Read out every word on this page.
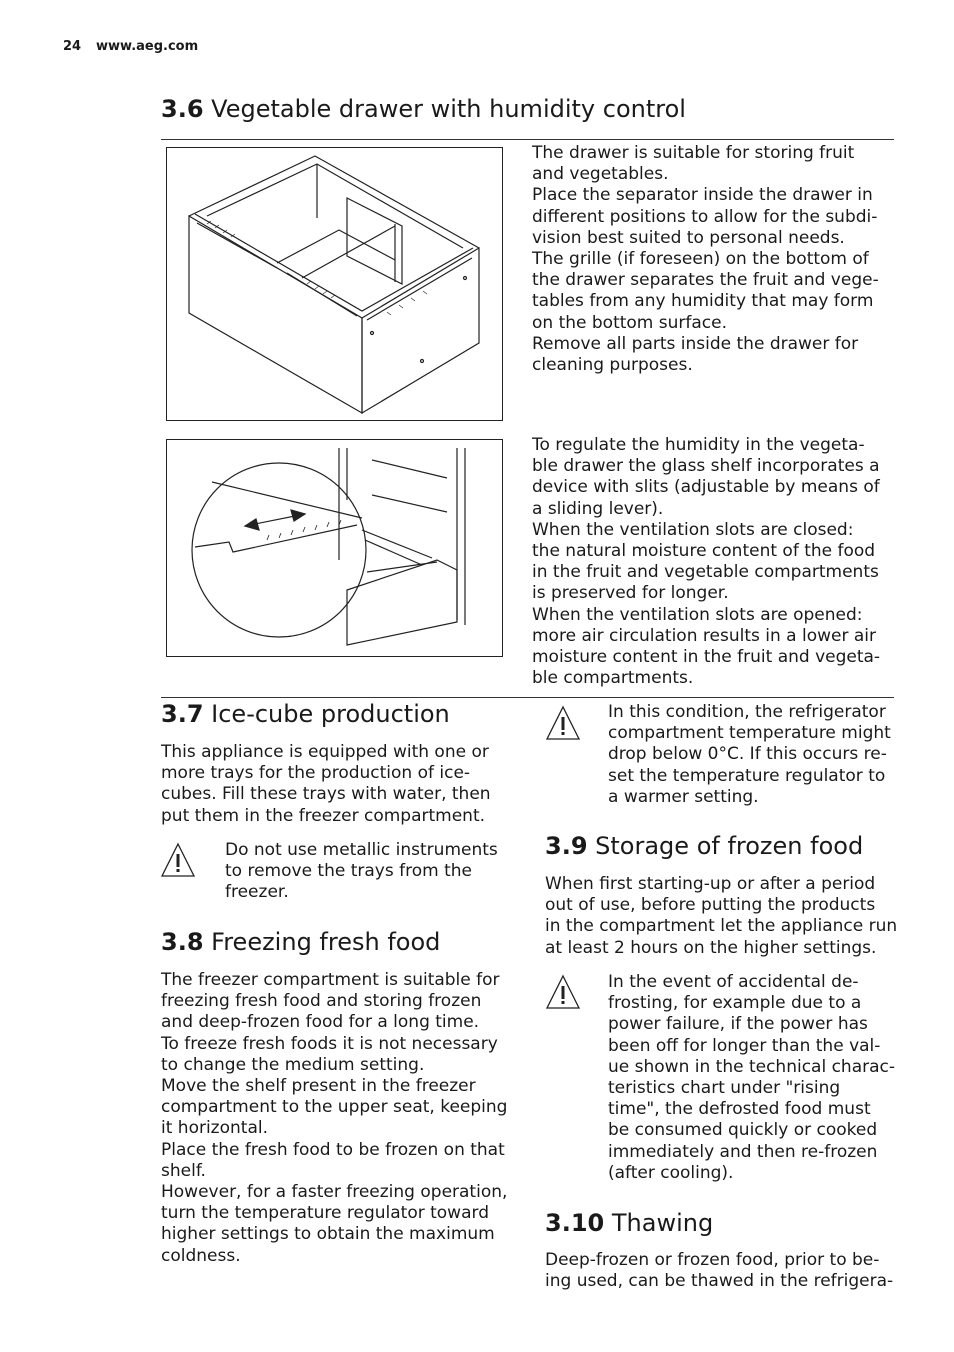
24 www.aeg.com
3.6 Vegetable drawer with humidity control
The drawer is suitable for storing fruit
and vegetables.
Place the separator inside the drawer in
different positions to allow for the subdi-
vision best suited to personal needs.
The grille (if foreseen) on the bottom of
the drawer separates the fruit and vege-
tables from any humidity that may form
on the bottom surface.
Remove all parts inside the drawer for
cleaning purposes.
To regulate the humidity in the vegeta-
ble drawer the glass shelf incorporates a
device with slits (adjustable by means of
a sliding lever).
When the ventilation slots are closed:
the natural moisture content of the food
in the fruit and vegetable compartments
is preserved for longer.
When the ventilation slots are opened:
more air circulation results in a lower air
moisture content in the fruit and vegeta-
ble compartments.
3.7 Ice-cube production
This appliance is equipped with one or
more trays for the production of ice-
cubes. Fill these trays with water, then
put them in the freezer compartment.
Do not use metallic instruments
to remove the trays from the
freezer.
3.8 Freezing fresh food
The freezer compartment is suitable for
freezing fresh food and storing frozen
and deep-frozen food for a long time.
To freeze fresh foods it is not necessary
to change the medium setting.
Move the shelf present in the freezer
compartment to the upper seat, keeping
it horizontal.
Place the fresh food to be frozen on that
shelf.
However, for a faster freezing operation,
turn the temperature regulator toward
higher settings to obtain the maximum
coldness.
In this condition, the refrigerator
compartment temperature might
drop below 0°C. If this occurs re-
set the temperature regulator to
a warmer setting.
3.9 Storage of frozen food
When first starting-up or after a period
out of use, before putting the products
in the compartment let the appliance run
at least 2 hours on the higher settings.
In the event of accidental de-
frosting, for example due to a
power failure, if the power has
been off for longer than the val-
ue shown in the technical charac-
teristics chart under "rising
time", the defrosted food must
be consumed quickly or cooked
immediately and then re-frozen
(after cooling).
3.10 Thawing
Deep-frozen or frozen food, prior to be-
ing used, can be thawed in the refrigera-
